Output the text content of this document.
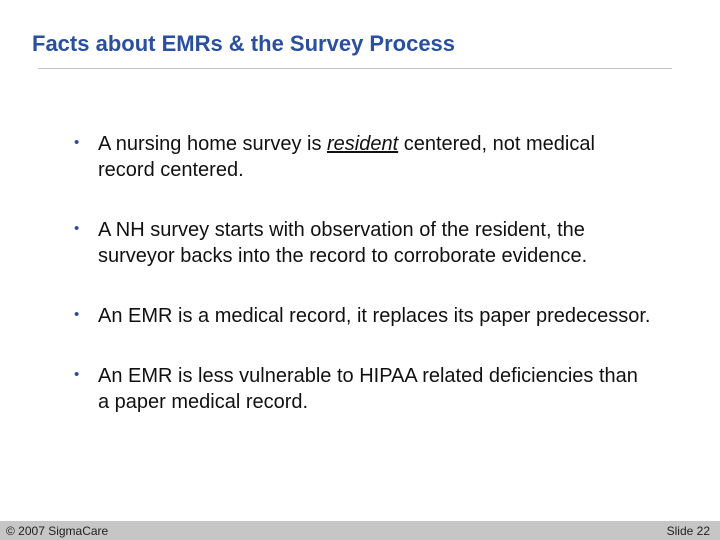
Facts about EMRs & the Survey Process
• A nursing home survey is resident centered, not medical record centered.
• A NH survey starts with observation of the resident, the surveyor backs into the record to corroborate evidence.
• An EMR is a medical record, it replaces its paper predecessor.
• An EMR is less vulnerable to HIPAA related deficiencies than a paper medical record.
© 2007 SigmaCare	Slide 22
